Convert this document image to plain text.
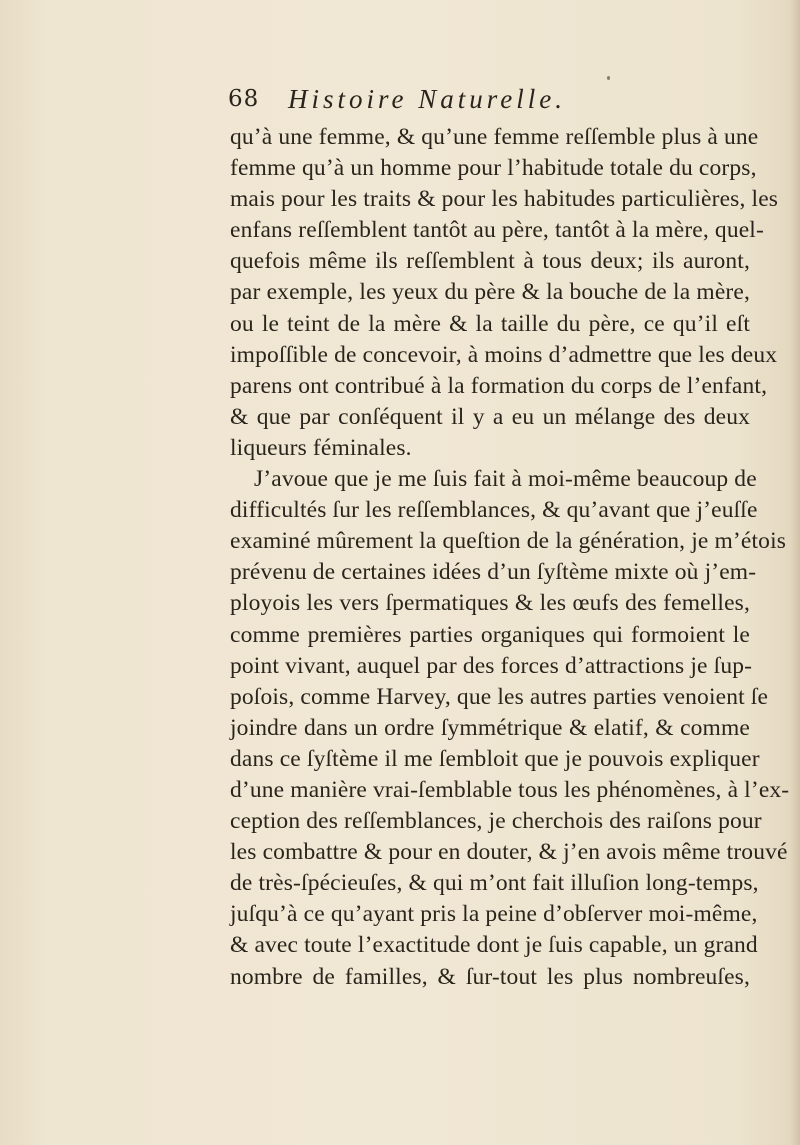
68 Histoire Naturelle.
qu’à une femme, & qu’une femme reſſemble plus à une
femme qu’à un homme pour l’habitude totale du corps,
mais pour les traits & pour les habitudes particulières, les
enfans reſſemblent tantôt au père, tantôt à la mère, quel-
quefois même ils reſſemblent à tous deux; ils auront,
par exemple, les yeux du père & la bouche de la mère,
ou le teint de la mère & la taille du père, ce qu’il eſt
impoſſible de concevoir, à moins d’admettre que les deux
parens ont contribué à la formation du corps de l’enfant,
& que par conſéquent il y a eu un mélange des deux
liqueurs féminales.
J’avoue que je me ſuis fait à moi-même beaucoup de
difficultés ſur les reſſemblances, & qu’avant que j’euſſe
examiné mûrement la queſtion de la génération, je m’étois
prévenu de certaines idées d’un ſyſtème mixte où j’em-
ployois les vers ſpermatiques & les œufs des femelles,
comme premières parties organiques qui formoient le
point vivant, auquel par des forces d’attractions je ſup-
poſois, comme Harvey, que les autres parties venoient ſe
joindre dans un ordre ſymmétrique & elatif, & comme
dans ce ſyſtème il me ſembloit que je pouvois expliquer
d’une manière vrai-ſemblable tous les phénomènes, à l’ex-
ception des reſſemblances, je cherchois des raiſons pour
les combattre & pour en douter, & j’en avois même trouvé
de très-ſpécieuſes, & qui m’ont fait illuſion long-temps,
juſqu’à ce qu’ayant pris la peine d’obſerver moi-même,
& avec toute l’exactitude dont je ſuis capable, un grand
nombre de familles, & ſur-tout les plus nombreuſes,
